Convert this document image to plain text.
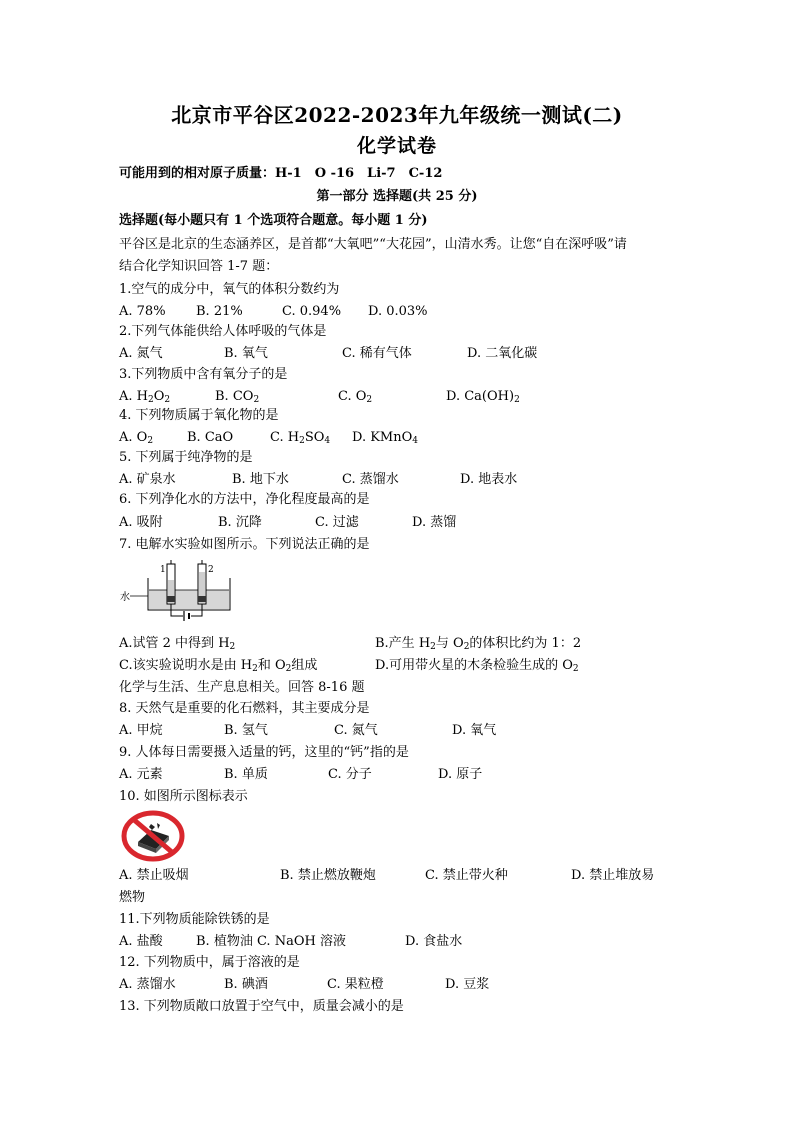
北京市平谷区2022-2023年九年级统一测试(二)
化学试卷
可能用到的相对原子质量：H-1　O -16　Li-7　C-12
第一部分 选择题(共 25 分)
选择题(每小题只有 1 个选项符合题意。每小题 1 分)
平谷区是北京的生态涵养区，是首都“大氧吧”“大花园”，山清水秀。让您“自在深呼吸”请
结合化学知识回答 1-7 题：
1.空气的成分中，氧气的体积分数约为
A. 78% B. 21%	C. 0.94% D. 0.03%
2.下列气体能供给人体呼吸的气体是
A. 氮气	B. 氧气	C. 稀有气体	D. 二氧化碳
3.下列物质中含有氧分子的是
A. $H_2O_2$	B. $CO_2$	C. $O_2$	D. $Ca(OH)_2$
4. 下列物质属于氧化物的是
A. $O_2$	B. CaO	C. $H_2SO_4$ D. KMnO$_4$
5. 下列属于纯净物的是
A. 矿泉水	B. 地下水	C. 蒸馏水	D. 地表水
6. 下列净化水的方法中，净化程度最高的是
A. 吸附	B. 沉降	C. 过滤	D. 蒸馏
7. 电解水实验如图所示。下列说法正确的是
水
1	2
A.试管 2 中得到 $H_2$	B.产生 $H_2$与 $O_2$的体积比约为 1：2
C.该实验说明水是由 $H_2$和 $O_2$组成	D.可用带火星的木条检验生成的 $O_2$
化学与生活、生产息息相关。回答 8-16 题
8. 天然气是重要的化石燃料，其主要成分是
A. 甲烷	B. 氢气	C. 氮气	D. 氧气
9. 人体每日需要摄入适量的钙，这里的“钙”指的是
A. 元素	B. 单质	C. 分子	D. 原子
10. 如图所示图标表示
A. 禁止吸烟	B. 禁止燃放鞭炮	C. 禁止带火种	D. 禁止堆放易
燃物
11.下列物质能除铁锈的是
A. 盐酸	B. 植物油 C. NaOH 溶液	D. 食盐水
12. 下列物质中，属于溶液的是
A. 蒸馏水	B. 碘酒	C. 果粒橙	D. 豆浆
13. 下列物质敞口放置于空气中，质量会减小的是
